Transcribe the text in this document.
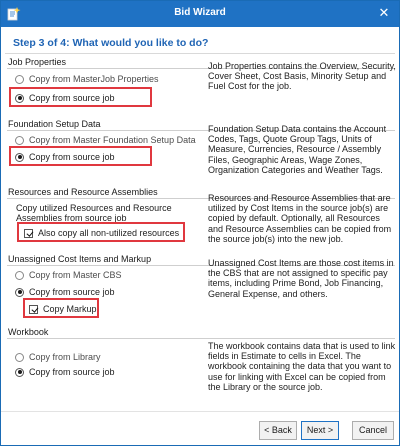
Bid Wizard	✕
Step 3 of 4: What would you like to do?
Job Properties
Copy from MasterJob Properties
Copy from source job
Job Properties contains the Overview, Security, Cover Sheet, Cost Basis, Minority Setup and Fuel Cost for the job.
Foundation Setup Data
Copy from Master Foundation Setup Data
Copy from source job
Foundation Setup Data contains the Account Codes, Tags, Quote Group Tags, Units of Measure, Currencies, Resource / Assembly Files, Geographic Areas, Wage Zones, Organization Categories and Weather Tags.
Resources and Resource Assemblies
Copy utilized Resources and Resource Assemblies from source job
Also copy all non-utilized resources
Resources and Resource Assemblies that are utilized by Cost Items in the source job(s) are copied by default. Optionally, all Resources and Resource Assemblies can be copied from the source job(s) into the new job.
Unassigned Cost Items and Markup
Copy from Master CBS
Copy from source job
Copy Markup
Unassigned Cost Items are those cost items in the CBS that are not assigned to specific pay items, including Prime Bond, Job Financing, General Expense, and others.
Workbook
Copy from Library
Copy from source job
The workbook contains data that is used to link fields in Estimate to cells in Excel. The workbook containing the data that you want to use for linking with Excel can be copied from the Library or the source job.
< Back	Next >	Cancel
